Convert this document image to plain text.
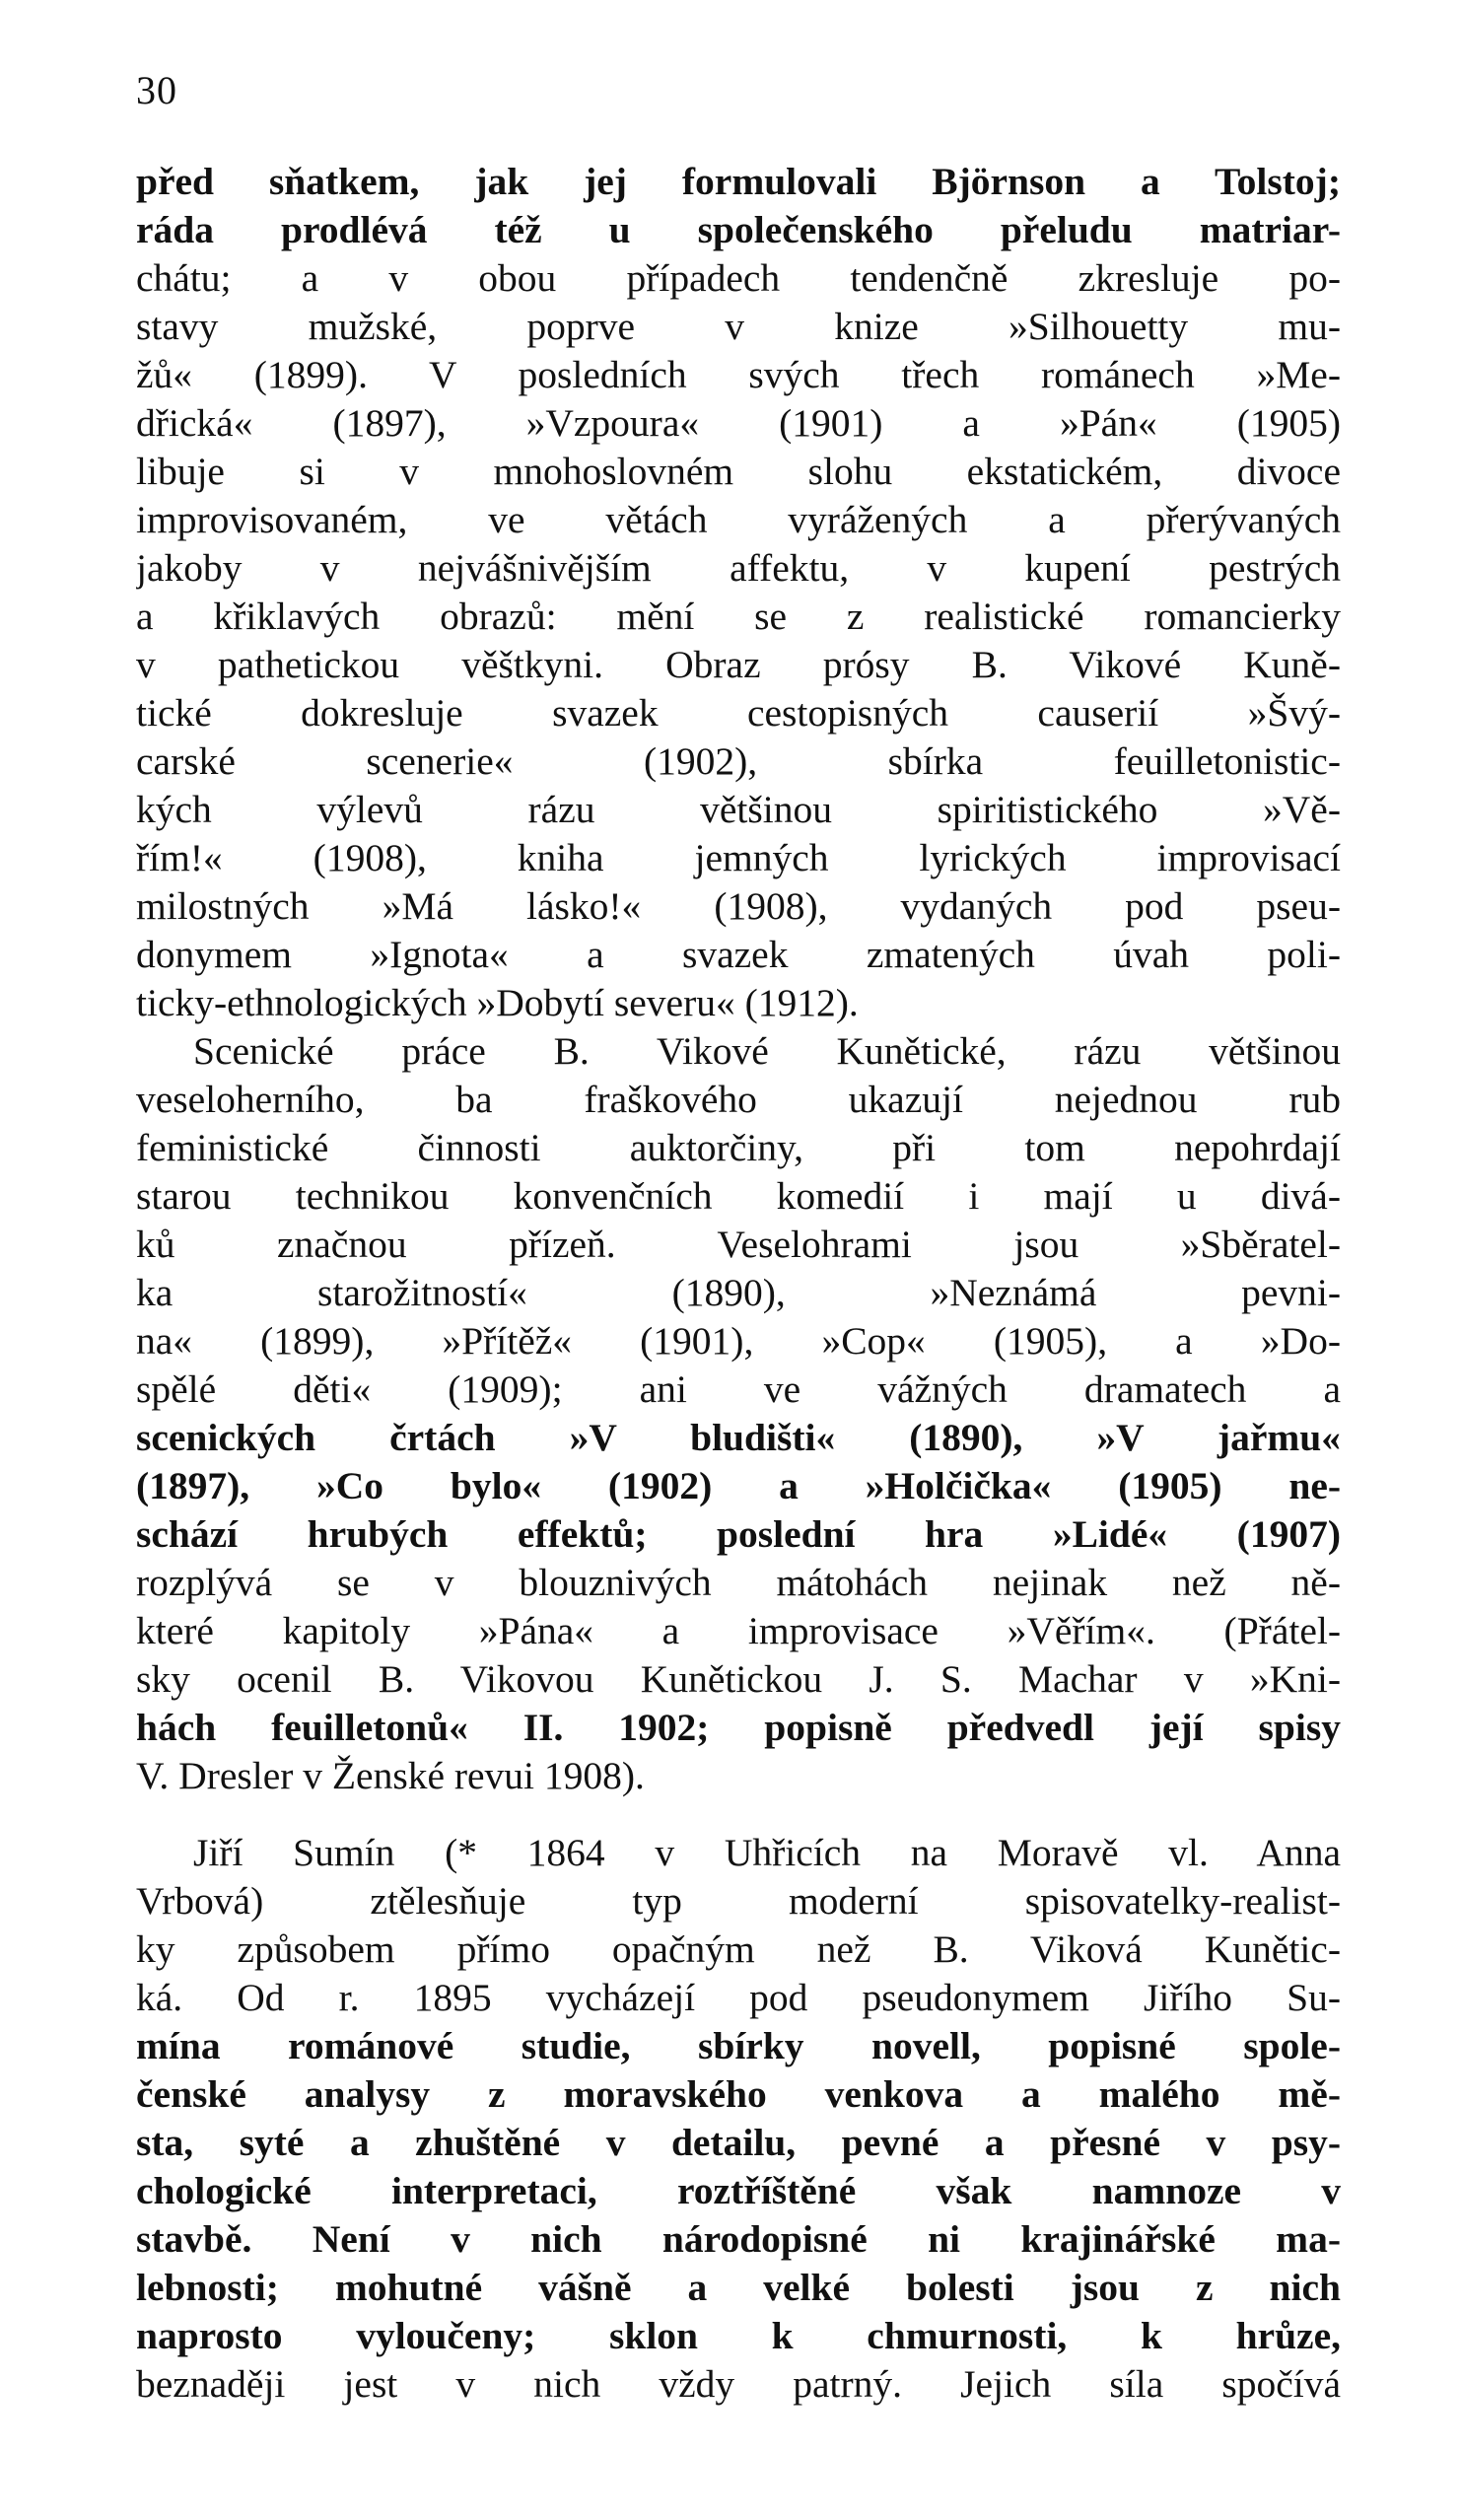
30
před sňatkem, jak jej formulovali Björnson a Tolstoj;
ráda prodlévá též u společenského přeludu matriar-
chátu; a v obou případech tendenčně zkresluje po-
stavy mužské, poprve v knize »Silhouetty mu-
žů« (1899). V posledních svých třech románech »Me-
dřická« (1897), »Vzpoura« (1901) a »Pán« (1905)
libuje si v mnohoslovném slohu ekstatickém, divoce
improvisovaném, ve větách vyrážených a přerývaných
jakoby v nejvášnivějším affektu, v kupení pestrých
a křiklavých obrazů: mění se z realistické romancierky
v pathetickou věštkyni. Obraz prósy B. Vikové Kuně-
tické dokresluje svazek cestopisných causerií »Švý-
carské scenerie« (1902), sbírka feuilletonistic-
kých výlevů rázu většinou spiritistického »Vě-
řím!« (1908), kniha jemných lyrických improvisací
milostných »Má lásko!« (1908), vydaných pod pseu-
donymem »Ignota« a svazek zmatených úvah poli-
ticky-ethnologických »Dobytí severu« (1912).
Scenické práce B. Vikové Kunětické, rázu většinou
veseloherního, ba fraškového ukazují nejednou rub
feministické činnosti auktorčiny, při tom nepohrdají
starou technikou konvenčních komedií i mají u divá-
ků značnou přízeň. Veselohrami jsou »Sběratel-
ka starožitností« (1890), »Neznámá pevni-
na« (1899), »Přítěž« (1901), »Cop« (1905), a »Do-
spělé děti« (1909); ani ve vážných dramatech a
scenických črtách »V bludišti« (1890), »V jařmu«
(1897), »Co bylo« (1902) a »Holčička« (1905) ne-
schází hrubých effektů; poslední hra »Lidé« (1907)
rozplývá se v blouznivých mátohách nejinak než ně-
které kapitoly »Pána« a improvisace »Věřím«. (Přátel-
sky ocenil B. Vikovou Kunětickou J. S. Machar v »Kni-
hách feuilletonů« II. 1902; popisně předvedl její spisy
V. Dresler v Ženské revui 1908).
Jiří Sumín (* 1864 v Uhřicích na Moravě vl. Anna
Vrbová) ztělesňuje typ moderní spisovatelky-realist-
ky způsobem přímo opačným než B. Viková Kunětic-
ká. Od r. 1895 vycházejí pod pseudonymem Jiřího Su-
mína románové studie, sbírky novell, popisné spole-
čenské analysy z moravského venkova a malého mě-
sta, syté a zhuštěné v detailu, pevné a přesné v psy-
chologické interpretaci, roztříštěné však namnoze v
stavbě. Není v nich národopisné ni krajinářské ma-
lebnosti; mohutné vášně a velké bolesti jsou z nich
naprosto vyloučeny; sklon k chmurnosti, k hrůze,
beznaději jest v nich vždy patrný. Jejich síla spočívá
